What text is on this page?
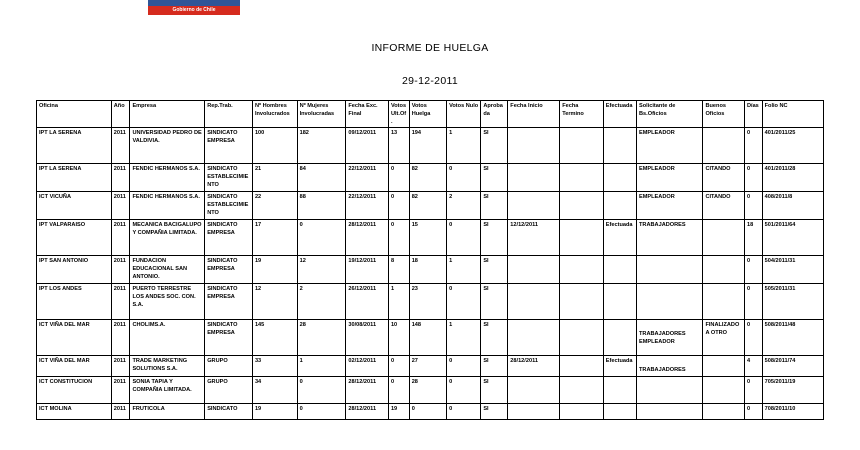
Gobierno de Chile
INFORME DE HUELGA
29-12-2011
Oficina	Año	Empresa	Rep.Trab.	Nº Hombres Involucrados	Nº Mujeres Involucradas	Fecha Exc. Final	Votos Ult.Of.	Votos Huelga	Votos Nulo	Aprobada	Fecha Inicio	Fecha Termino	Efectuada	Solicitante de Bs.Oficios	Buenos Oficios	Días	Folio NC
IPT LA SERENA	2011	UNIVERSIDAD PEDRO DE VALDIVIA.	SINDICATO EMPRESA	100	182	09/12/2011	13	194	1	SI				EMPLEADOR		0	401/2011/25
IPT LA SERENA	2011	FENDIC HERMANOS S.A.	SINDICATO ESTABLECIMIENTO	21	84	22/12/2011	0	82	0	SI				EMPLEADOR	CITANDO	0	401/2011/28
ICT VICUÑA	2011	FENDIC HERMANOS S.A.	SINDICATO ESTABLECIMIENTO	22	88	22/12/2011	0	82	2	SI				EMPLEADOR	CITANDO	0	408/2011/8
IPT VALPARAISO	2011	MECANICA BACIGALUPO Y COMPAÑIA LIMITADA.	SINDICATO EMPRESA	17	0	28/12/2011	0	15	0	SI	12/12/2011		Efectuada	TRABAJADORES		18	501/2011/64
IPT SAN ANTONIO	2011	FUNDACION EDUCACIONAL SAN ANTONIO.	SINDICATO EMPRESA	19	12	19/12/2011	8	18	1	SI						0	504/2011/31
IPT LOS ANDES	2011	PUERTO TERRESTRE LOS ANDES SOC. CON. S.A.	SINDICATO EMPRESA	12	2	26/12/2011	1	23	0	SI						0	505/2011/31
ICT VIÑA DEL MAR	2011	CHOLIMS.A.	SINDICATO EMPRESA	145	28	30/08/2011	10	148	1	SI				TRABAJADORES EMPLEADOR	FINALIZADO A OTRO	0	508/2011/48
ICT VIÑA DEL MAR	2011	TRADE MARKETING SOLUTIONS S.A.	GRUPO	33	1	02/12/2011	0	27	0	SI	28/12/2011		Efectuada	TRABAJADORES		4	508/2011/74
ICT CONSTITUCION	2011	SONIA TAPIA Y COMPAÑIA LIMITADA.	GRUPO	34	0	28/12/2011	0	28	0	SI						0	705/2011/19
ICT MOLINA	2011	FRUTICOLA	SINDICATO	19	0	28/12/2011	19	0	0	SI						0	708/2011/10
